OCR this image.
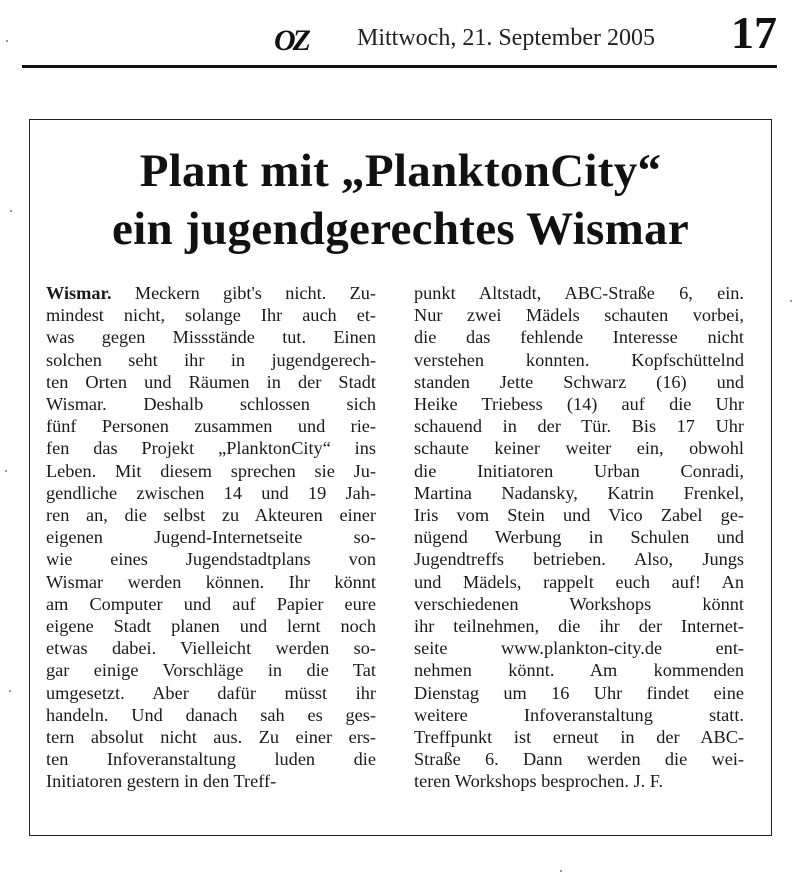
OZ Mittwoch, 21. September 2005 17
Plant mit „PlanktonCity“
ein jugendgerechtes Wismar
Wismar. Meckern gibt's nicht. Zu-
mindest nicht, solange Ihr auch et-
was gegen Missstände tut. Einen
solchen seht ihr in jugendgerech-
ten Orten und Räumen in der Stadt
Wismar. Deshalb schlossen sich
fünf Personen zusammen und rie-
fen das Projekt „PlanktonCity“ ins
Leben. Mit diesem sprechen sie Ju-
gendliche zwischen 14 und 19 Jah-
ren an, die selbst zu Akteuren einer
eigenen Jugend-Internetseite so-
wie eines Jugendstadtplans von
Wismar werden können. Ihr könnt
am Computer und auf Papier eure
eigene Stadt planen und lernt noch
etwas dabei. Vielleicht werden so-
gar einige Vorschläge in die Tat
umgesetzt. Aber dafür müsst ihr
handeln. Und danach sah es ges-
tern absolut nicht aus. Zu einer ers-
ten Infoveranstaltung luden die
Initiatoren gestern in den Treff-
punkt Altstadt, ABC-Straße 6, ein.
Nur zwei Mädels schauten vorbei,
die das fehlende Interesse nicht
verstehen konnten. Kopfschüttelnd
standen Jette Schwarz (16) und
Heike Triebess (14) auf die Uhr
schauend in der Tür. Bis 17 Uhr
schaute keiner weiter ein, obwohl
die Initiatoren Urban Conradi,
Martina Nadansky, Katrin Frenkel,
Iris vom Stein und Vico Zabel ge-
nügend Werbung in Schulen und
Jugendtreffs betrieben. Also, Jungs
und Mädels, rappelt euch auf! An
verschiedenen Workshops könnt
ihr teilnehmen, die ihr der Internet-
seite www.plankton-city.de ent-
nehmen könnt. Am kommenden
Dienstag um 16 Uhr findet eine
weitere Infoveranstaltung statt.
Treffpunkt ist erneut in der ABC-
Straße 6. Dann werden die wei-
teren Workshops besprochen. J. F.
